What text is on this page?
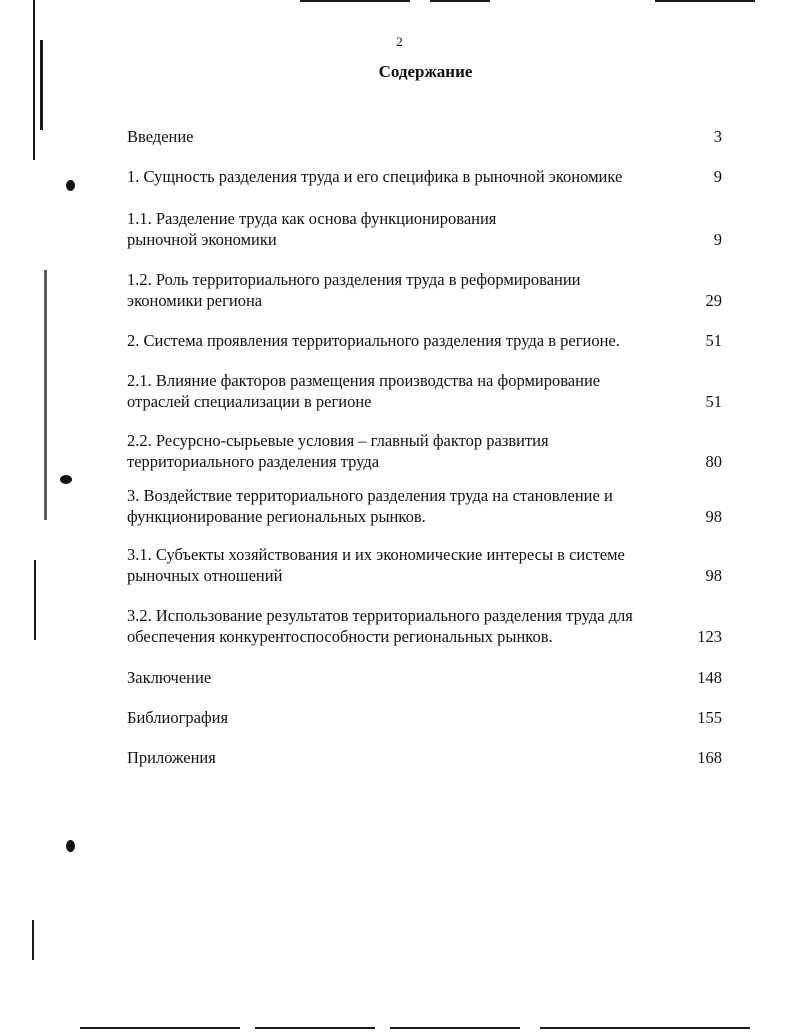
2
Содержание
Введение	3
1. Сущность разделения труда и его специфика в рыночной экономике	9
1.1. Разделение труда как основа функционирования
рыночной экономики	9
1.2. Роль территориального разделения труда в реформировании
экономики региона	29
2. Система проявления территориального разделения труда в регионе.	51
2.1. Влияние факторов размещения производства на формирование
отраслей специализации в регионе	51
2.2. Ресурсно-сырьевые условия – главный фактор развития
территориального разделения труда	80
3. Воздействие территориального разделения труда на становление и
функционирование региональных рынков.	98
3.1. Субъекты хозяйствования и их экономические интересы в системе
рыночных отношений	98
3.2. Использование результатов территориального разделения труда для
обеспечения конкурентоспособности региональных рынков.	123
Заключение	148
Библиография	155
Приложения	168
